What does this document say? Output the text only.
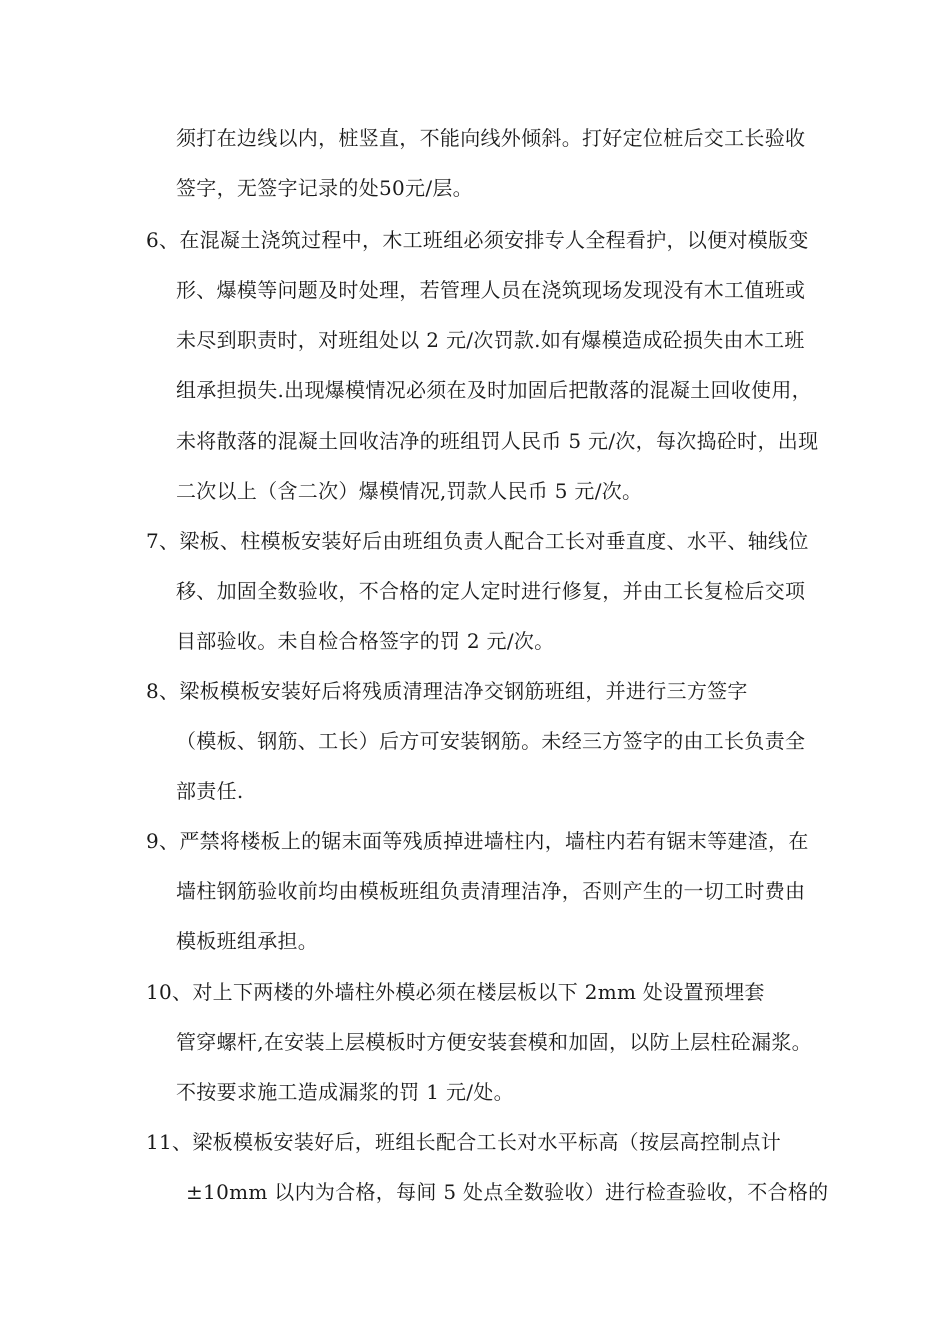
须打在边线以内，桩竖直，不能向线外倾斜。打好定位桩后交工长验收
签字，无签字记录的处50元/层。
6、在混凝土浇筑过程中，木工班组必须安排专人全程看护，以便对模版变
形、爆模等问题及时处理，若管理人员在浇筑现场发现没有木工值班或
未尽到职责时，对班组处以 2 元/次罚款.如有爆模造成砼损失由木工班
组承担损失.出现爆模情况必须在及时加固后把散落的混凝土回收使用，
未将散落的混凝土回收洁净的班组罚人民币 5 元/次，每次捣砼时，出现
二次以上（含二次）爆模情况,罚款人民币 5 元/次。
7、梁板、柱模板安装好后由班组负责人配合工长对垂直度、水平、轴线位
移、加固全数验收，不合格的定人定时进行修复，并由工长复检后交项
目部验收。未自检合格签字的罚 2 元/次。
8、梁板模板安装好后将残质清理洁净交钢筋班组，并进行三方签字
（模板、钢筋、工长）后方可安装钢筋。未经三方签字的由工长负责全
部责任.
9、严禁将楼板上的锯末面等残质掉进墙柱内，墙柱内若有锯末等建渣，在
墙柱钢筋验收前均由模板班组负责清理洁净，否则产生的一切工时费由
模板班组承担。
10、对上下两楼的外墙柱外模必须在楼层板以下 2mm 处设置预埋套
管穿螺杆,在安装上层模板时方便安装套模和加固，以防上层柱砼漏浆。
不按要求施工造成漏浆的罚 1 元/处。
11、梁板模板安装好后，班组长配合工长对水平标高（按层高控制点计
±10mm 以内为合格，每间 5 处点全数验收）进行检查验收，不合格的
